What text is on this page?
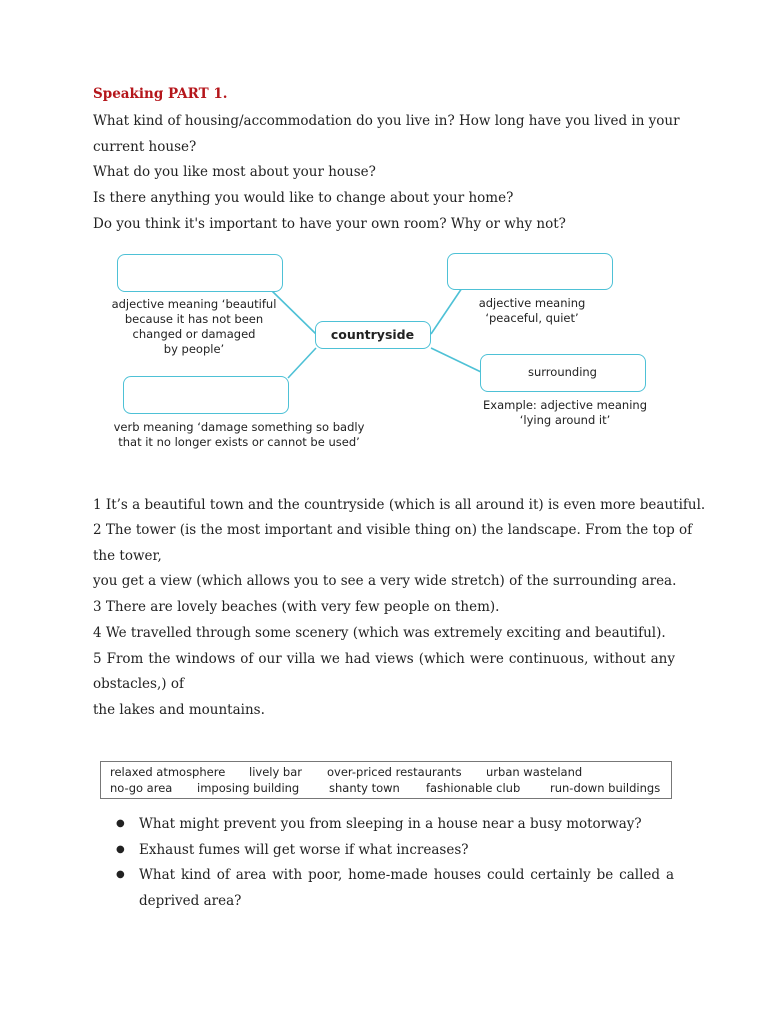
Speaking PART 1.
What kind of housing/accommodation do you live in? How long have you lived in your
current house?
What do you like most about your house?
Is there anything you would like to change about your home?
Do you think it's important to have your own room? Why or why not?
countryside
surrounding
adjective meaning ‘beautiful
because it has not been
changed or damaged
by people’
adjective meaning
‘peaceful, quiet’
Example: adjective meaning
‘lying around it’
verb meaning ‘damage something so badly
that it no longer exists or cannot be used’
1 It’s a beautiful town and the countryside (which is all around it) is even more beautiful.
2 The tower (is the most important and visible thing on) the landscape. From the top of
the tower,
you get a view (which allows you to see a very wide stretch) of the surrounding area.
3 There are lovely beaches (with very few people on them).
4 We travelled through some scenery (which was extremely exciting and beautiful).
5 From the windows of our villa we had views (which were continuous, without any
obstacles,) of
the lakes and mountains.
relaxed atmosphere lively bar over-priced restaurants urban wasteland
no-go area imposing building	shanty town fashionable club	run-down buildings
● What might prevent you from sleeping in a house near a busy motorway?
● Exhaust fumes will get worse if what increases?
● What kind of area with poor, home-made houses could certainly be called a
deprived area?
